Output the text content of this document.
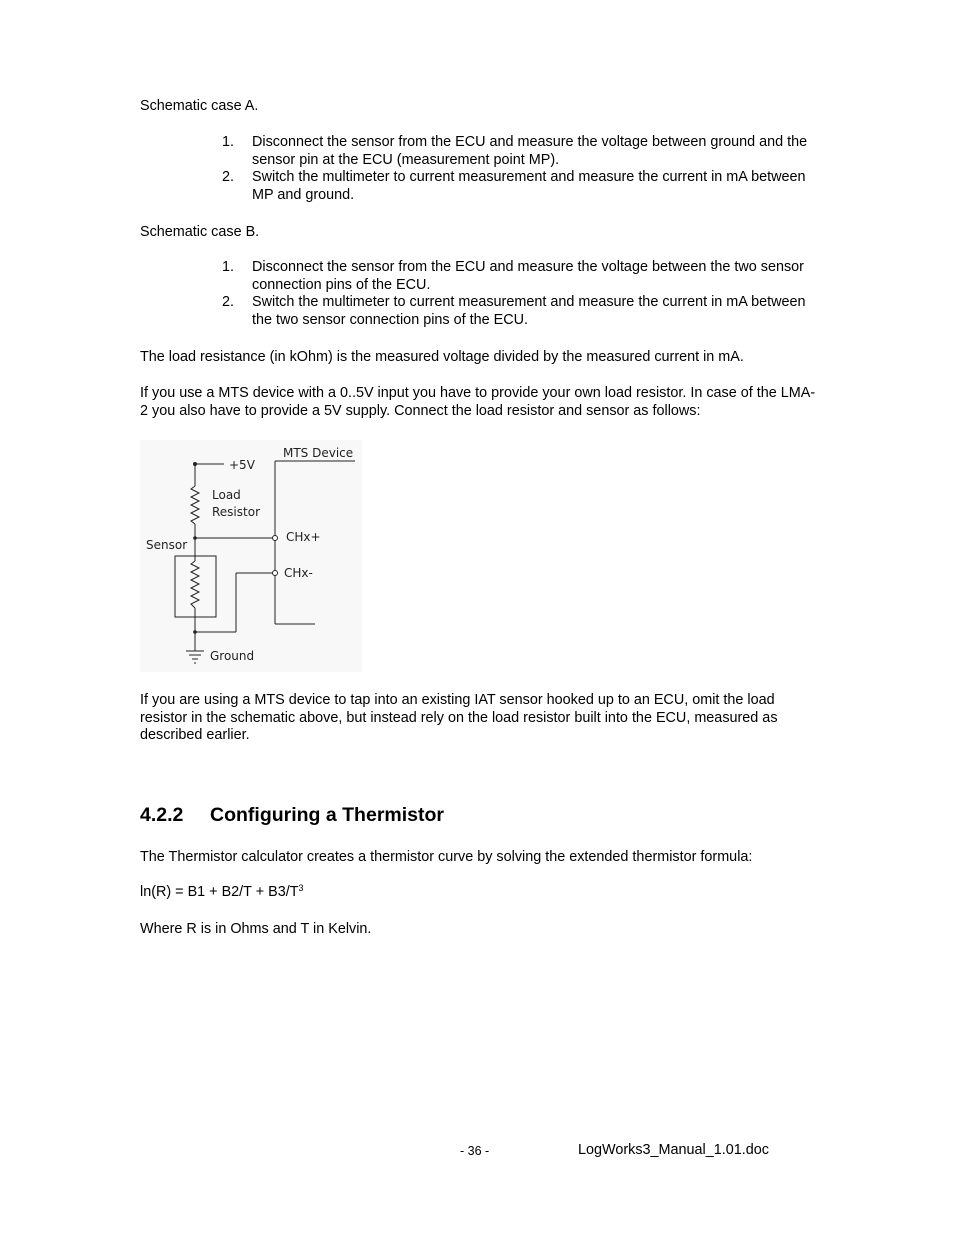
Schematic case A.

1. Disconnect the sensor from the ECU and measure the voltage between ground and the sensor pin at the ECU (measurement point MP).
2. Switch the multimeter to current measurement and measure the current in mA between MP and ground.

Schematic case B.

1. Disconnect the sensor from the ECU and measure the voltage between the two sensor connection pins of the ECU.
2. Switch the multimeter to current measurement and measure the current in mA between the two sensor connection pins of the ECU.

The load resistance (in kOhm) is the measured voltage divided by the measured current in mA.

If you use a MTS device with a 0..5V input you have to provide your own load resistor. In case of the LMA-2 you also have to provide a 5V supply. Connect the load resistor and sensor as follows:

MTS Device
+5V
Load
Resistor
CHx+
Sensor
CHx-
Ground

If you are using a MTS device to tap into an existing IAT sensor hooked up to an ECU, omit the load resistor in the schematic above, but instead rely on the load resistor built into the ECU, measured as described earlier.

4.2.2 Configuring a Thermistor

The Thermistor calculator creates a thermistor curve by solving the extended thermistor formula:

$\ln(R) = B1 + B2/T + B3/T^3$

Where R is in Ohms and T in Kelvin.

- 36 -	LogWorks3_Manual_1.01.doc
